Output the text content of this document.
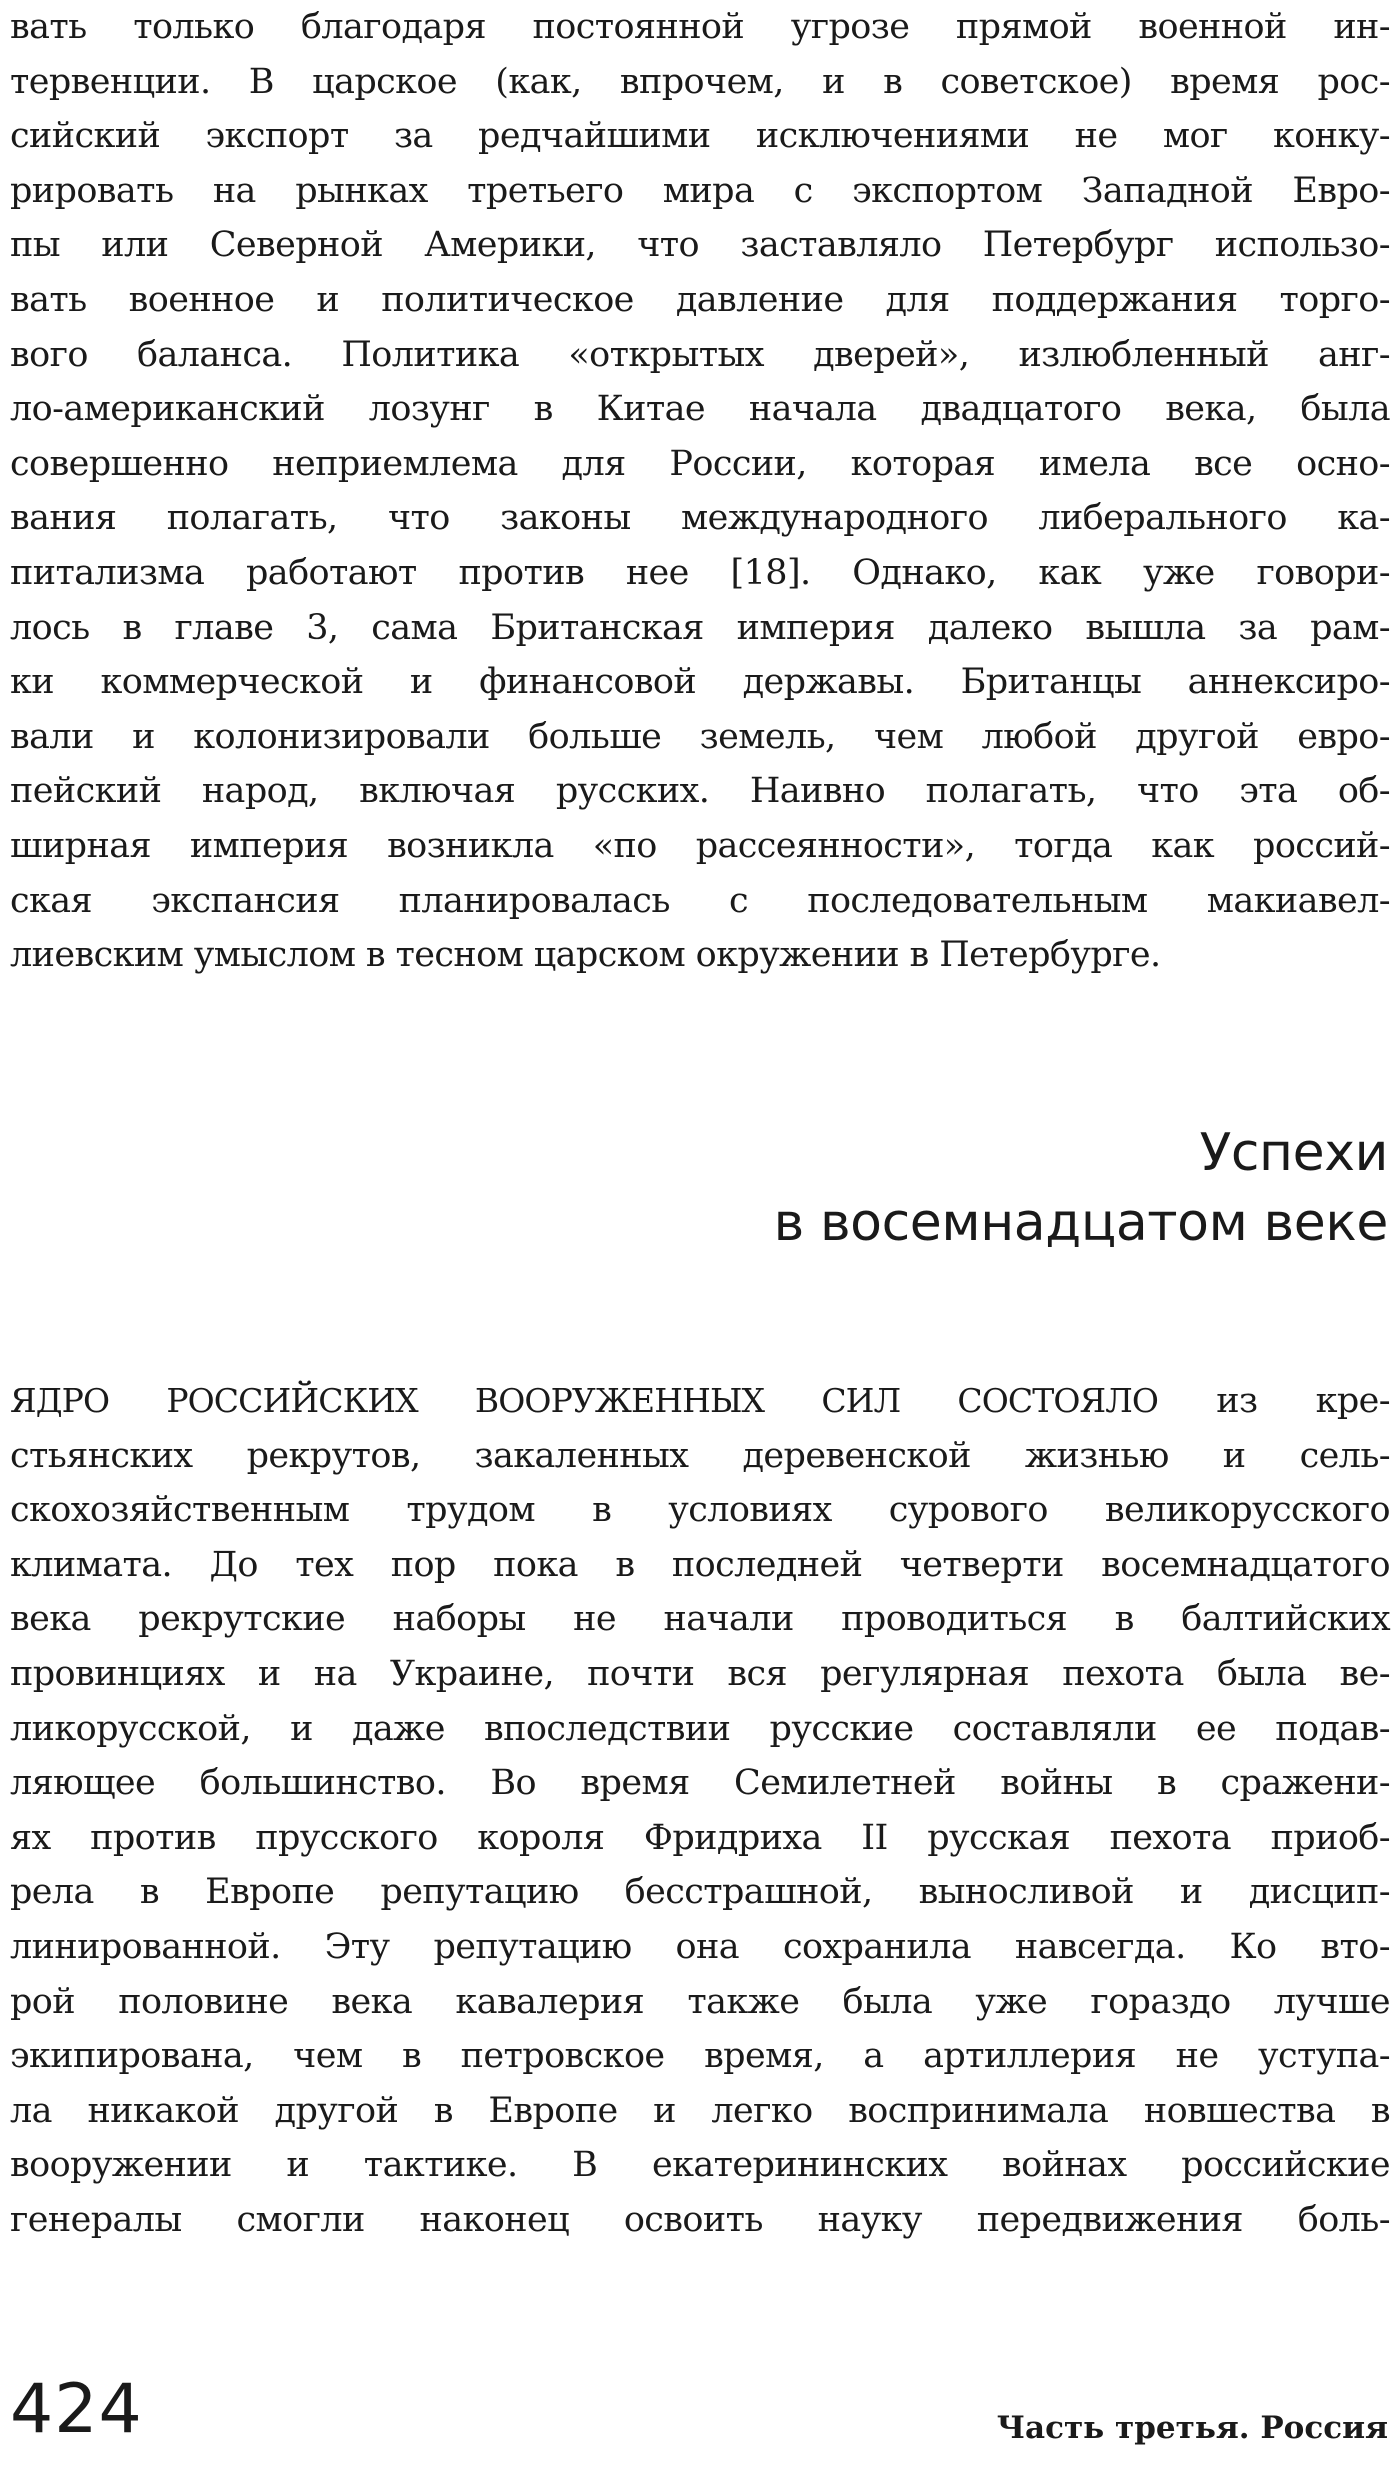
вать только благодаря постоянной угрозе прямой военной ин-
тервенции. В царское (как, впрочем, и в советское) время рос-
сийский экспорт за редчайшими исключениями не мог конку-
рировать на рынках третьего мира с экспортом Западной Евро-
пы или Северной Америки, что заставляло Петербург использо-
вать военное и политическое давление для поддержания торго-
вого баланса. Политика «открытых дверей», излюбленный анг-
ло-американский лозунг в Китае начала двадцатого века, была
совершенно неприемлема для России, которая имела все осно-
вания полагать, что законы международного либерального ка-
питализма работают против нее [18]. Однако, как уже говори-
лось в главе 3, сама Британская империя далеко вышла за рам-
ки коммерческой и финансовой державы. Британцы аннексиро-
вали и колонизировали больше земель, чем любой другой евро-
пейский народ, включая русских. Наивно полагать, что эта об-
ширная империя возникла «по рассеянности», тогда как россий-
ская экспансия планировалась с последовательным макиавел-
лиевским умыслом в тесном царском окружении в Петербурге.
Успехи
в восемнадцатом веке
ЯДРО РОССИЙСКИХ ВООРУЖЕННЫХ СИЛ СОСТОЯЛО из кре-
стьянских рекрутов, закаленных деревенской жизнью и сель-
скохозяйственным трудом в условиях сурового великорусского
климата. До тех пор пока в последней четверти восемнадцатого
века рекрутские наборы не начали проводиться в балтийских
провинциях и на Украине, почти вся регулярная пехота была ве-
ликорусской, и даже впоследствии русские составляли ее подав-
ляющее большинство. Во время Семилетней войны в сражени-
ях против прусского короля Фридриха II русская пехота приоб-
рела в Европе репутацию бесстрашной, выносливой и дисцип-
линированной. Эту репутацию она сохранила навсегда. Ко вто-
рой половине века кавалерия также была уже гораздо лучше
экипирована, чем в петровское время, а артиллерия не уступа-
ла никакой другой в Европе и легко воспринимала новшества в
вооружении и тактике. В екатерининских войнах российские
генералы смогли наконец освоить науку передвижения боль-
424	Часть третья. Россия
